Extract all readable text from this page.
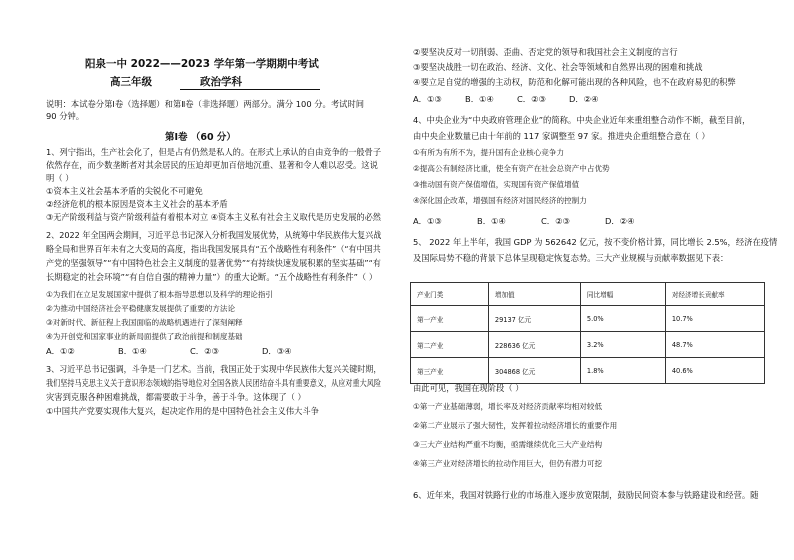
阳泉一中 2022——2023 学年第一学期期中考试
高三年级	政治学科
说明：本试卷分第Ⅰ卷（选择题）和第Ⅱ卷（非选择题）两部分。满分 100 分。考试时间
90 分钟。
第Ⅰ卷 （60 分）
1、列宁指出，生产社会化了，但是占有仍然是私人的。在形式上承认的自由竞争的一般骨子
依然存在，而少数垄断者对其余居民的压迫却更加百倍地沉重、显著和令人难以忍受。这说
明（ ）
①资本主义社会基本矛盾的尖锐化不可避免
②经济危机的根本原因是资本主义社会的基本矛盾
③无产阶级利益与资产阶级利益有着根本对立 ④资本主义私有社会主义取代是历史发展的必然
2、2022 年全国两会期间，习近平总书记深入分析我国发展优势，从统筹中华民族伟大复兴战
略全局和世界百年未有之大变局的高度，指出我国发展具有“五个战略性有利条件”（“有中国共
产党的坚强领导”“有中国特色社会主义制度的显著优势”“有持续快速发展积累的坚实基础”“有
长期稳定的社会环境”“有自信自强的精神力量”）的重大论断。“五个战略性有利条件”（ ）
①为我们在立足发展国家中提供了根本指导思想以及科学的理论指引
②为推动中国经济社会平稳健康发展提供了重要的方法论
③对新时代、新征程上我国面临的战略机遇进行了深刻阐释
④为开创党和国家事业的新局面提供了政治前提和制度基础
A．①②	B．①④	C．②③	D．③④
3、习近平总书记强调，斗争是一门艺术。当前，我国正处于实现中华民族伟大复兴关键时期，
我们坚持马克思主义关于意识形态领域的指导地位对全国各族人民团结奋斗具有重要意义，从应对重大风险
灾害到克服各种困难挑战，都需要敢于斗争，善于斗争。这体现了（ ）
①中国共产党要实现伟大复兴，起决定作用的是中国特色社会主义伟大斗争
②要坚决反对一切削弱、歪曲、否定党的领导和我国社会主义制度的言行
③要坚决战胜一切在政治、经济、文化、社会等领域和自然界出现的困难和挑战
④要立足自觉的增强的主动权，防范和化解可能出现的各种风险，也不在政府易犯的积弊
A．①③	B．①④	C．②③	D．②④
4、中央企业为“中央政府管理企业”的简称。中央企业近年来重组整合动作不断，截至目前，
由中央企业数量已由十年前的 117 家调整至 97 家。推进央企重组整合意在（ ）
①有所为有所不为，提升国有企业核心竞争力
②提高公有制经济比重，使全有资产在社会总资产中占优势
③推动国有资产保值增值，实现国有资产保值增值
④深化国企改革，增强国有经济对国民经济的控制力
A．①③	B．①④	C．②③	D．②④
5、 2022 年上半年，我国 GDP 为 562642 亿元，按不变价格计算，同比增长 2.5%，经济在疫情
及国际局势不稳的背景下总体呈现稳定恢复态势。三大产业规模与贡献率数据见下表：
产业门类	增加值	同比增幅	对经济增长贡献率
第一产业	29137 亿元	5.0%	10.7%
第二产业	228636 亿元	3.2%	48.7%
第三产业	304868 亿元	1.8%	40.6%
由此可见，我国在现阶段（ ）
①第一产业基础薄弱，增长率及对经济贡献率均相对较低
②第二产业展示了强大韧性，发挥着拉动经济增长的重要作用
③三大产业结构严重不均衡，亟需继续优化三大产业结构
④第三产业对经济增长的拉动作用巨大，但仍有潜力可挖
6、近年来，我国对铁路行业的市场准入逐步放宽限制，鼓励民间资本参与铁路建设和经营。随
